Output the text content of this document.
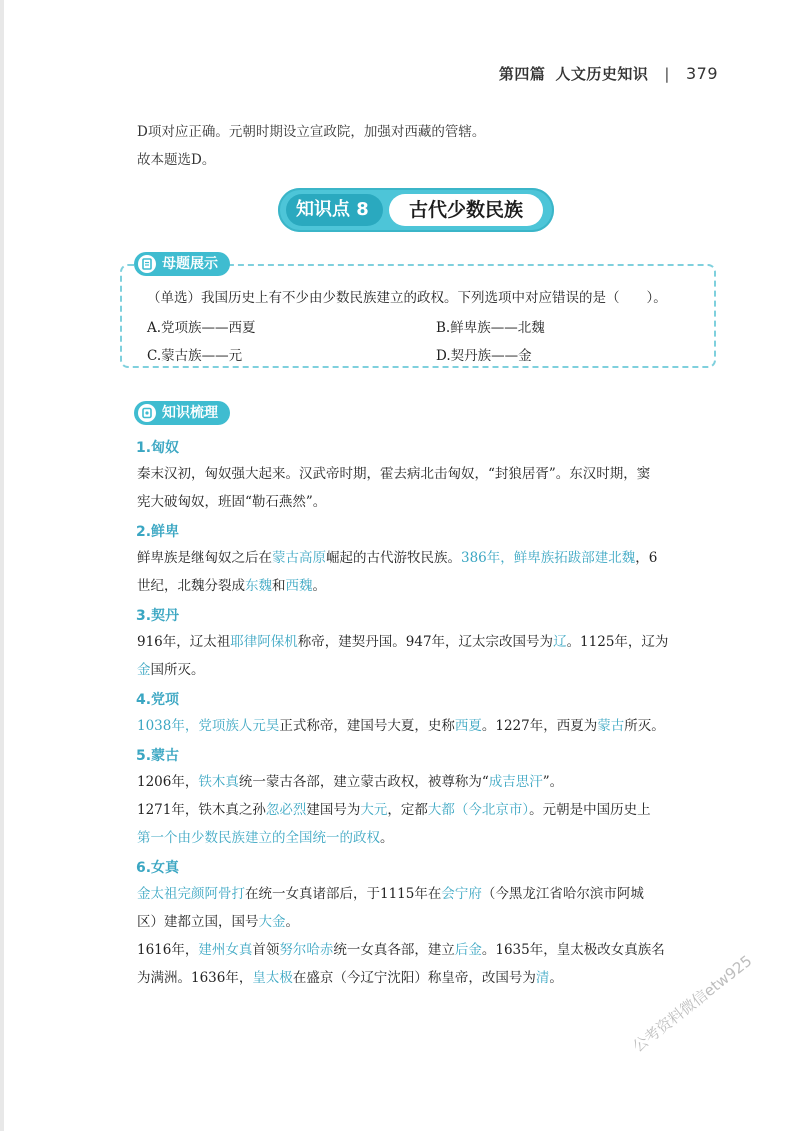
第四篇 人文历史知识 | 379
D项对应正确。元朝时期设立宣政院，加强对西藏的管辖。
故本题选D。
知识点 8	古代少数民族
母题展示
（单选）我国历史上有不少由少数民族建立的政权。下列选项中对应错误的是（　　）。
A.党项族——西夏	B.鲜卑族——北魏
C.蒙古族——元	D.契丹族——金
知识梳理
1.匈奴
秦末汉初，匈奴强大起来。汉武帝时期，霍去病北击匈奴，“封狼居胥”。东汉时期，窦
宪大破匈奴，班固“勒石燕然”。
2.鲜卑
鲜卑族是继匈奴之后在蒙古高原崛起的古代游牧民族。386年，鲜卑族拓跋部建北魏，6
世纪，北魏分裂成东魏和西魏。
3.契丹
916年，辽太祖耶律阿保机称帝，建契丹国。947年，辽太宗改国号为辽。1125年，辽为
金国所灭。
4.党项
1038年，党项族人元昊正式称帝，建国号大夏，史称西夏。1227年，西夏为蒙古所灭。
5.蒙古
1206年，铁木真统一蒙古各部，建立蒙古政权，被尊称为“成吉思汗”。
1271年，铁木真之孙忽必烈建国号为大元，定都大都（今北京市）。元朝是中国历史上
第一个由少数民族建立的全国统一的政权。
6.女真
金太祖完颜阿骨打在统一女真诸部后，于1115年在会宁府（今黑龙江省哈尔滨市阿城
区）建都立国，国号大金。
1616年，建州女真首领努尔哈赤统一女真各部，建立后金。1635年，皇太极改女真族名
为满洲。1636年，皇太极在盛京（今辽宁沈阳）称皇帝，改国号为清。	公考资料微信etw925
